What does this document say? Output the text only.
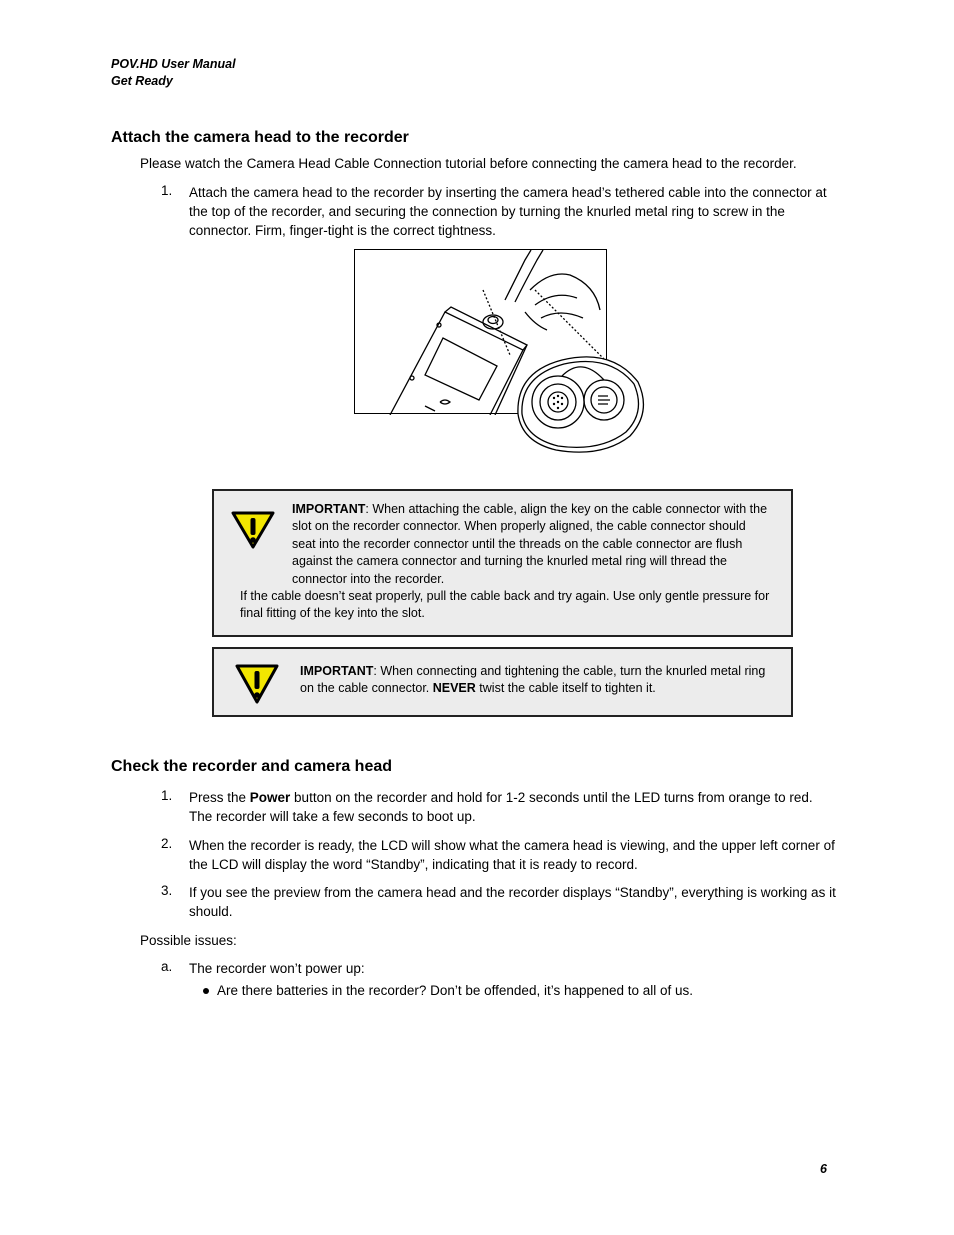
POV.HD User Manual
Get Ready
Attach the camera head to the recorder
Please watch the Camera Head Cable Connection tutorial before connecting the camera head to the recorder.
1. Attach the camera head to the recorder by inserting the camera head’s tethered cable into the connector at the top of the recorder, and securing the connection by turning the knurled metal ring to screw in the connector. Firm, finger-tight is the correct tightness.
IMPORTANT: When attaching the cable, align the key on the cable connector with the slot on the recorder connector. When properly aligned, the cable connector should seat into the recorder connector until the threads on the cable connector are flush against the camera connector and turning the knurled metal ring will thread the connector into the recorder.
If the cable doesn’t seat properly, pull the cable back and try again. Use only gentle pressure for final fitting of the key into the slot.
IMPORTANT: When connecting and tightening the cable, turn the knurled metal ring on the cable connector. NEVER twist the cable itself to tighten it.
Check the recorder and camera head
1. Press the Power button on the recorder and hold for 1-2 seconds until the LED turns from orange to red. The recorder will take a few seconds to boot up.
2. When the recorder is ready, the LCD will show what the camera head is viewing, and the upper left corner of the LCD will display the word “Standby”, indicating that it is ready to record.
3. If you see the preview from the camera head and the recorder displays “Standby”, everything is working as it should.
Possible issues:
a. The recorder won’t power up:
Are there batteries in the recorder? Don’t be offended, it’s happened to all of us.
6
